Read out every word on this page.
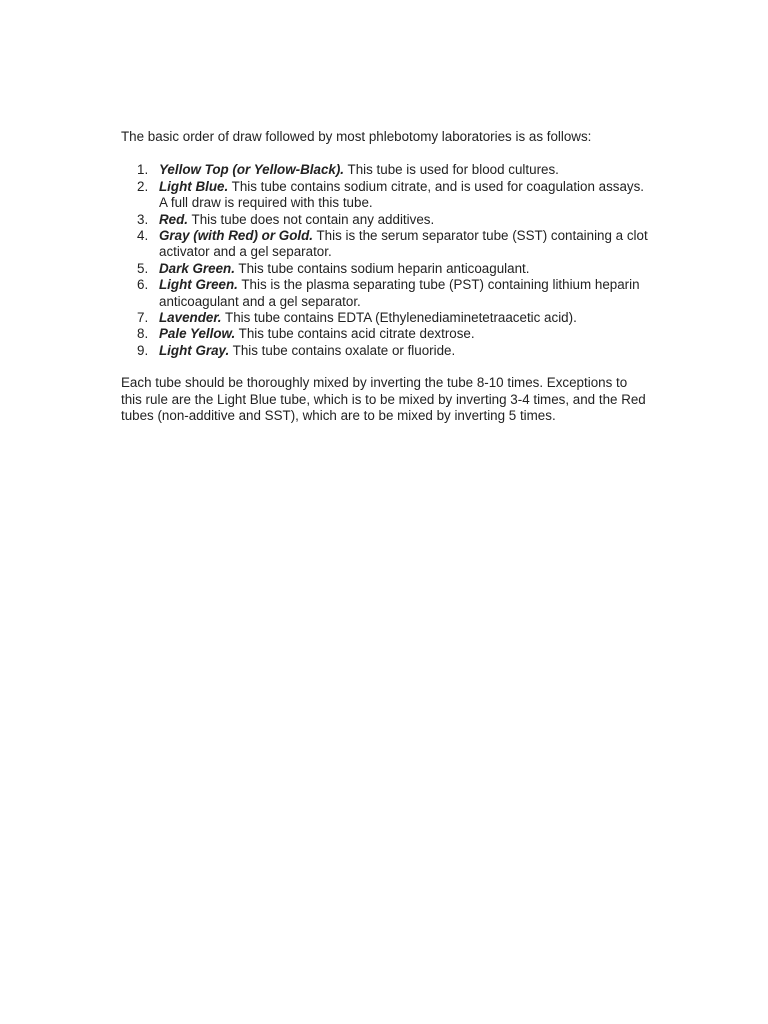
The basic order of draw followed by most phlebotomy laboratories is as follows:

1. Yellow Top (or Yellow-Black). This tube is used for blood cultures.
2. Light Blue. This tube contains sodium citrate, and is used for coagulation assays. A full draw is required with this tube.
3. Red. This tube does not contain any additives.
4. Gray (with Red) or Gold. This is the serum separator tube (SST) containing a clot activator and a gel separator.
5. Dark Green. This tube contains sodium heparin anticoagulant.
6. Light Green. This is the plasma separating tube (PST) containing lithium heparin anticoagulant and a gel separator.
7. Lavender. This tube contains EDTA (Ethylenediaminetetraacetic acid).
8. Pale Yellow. This tube contains acid citrate dextrose.
9. Light Gray. This tube contains oxalate or fluoride.

Each tube should be thoroughly mixed by inverting the tube 8-10 times. Exceptions to this rule are the Light Blue tube, which is to be mixed by inverting 3-4 times, and the Red tubes (non-additive and SST), which are to be mixed by inverting 5 times.
